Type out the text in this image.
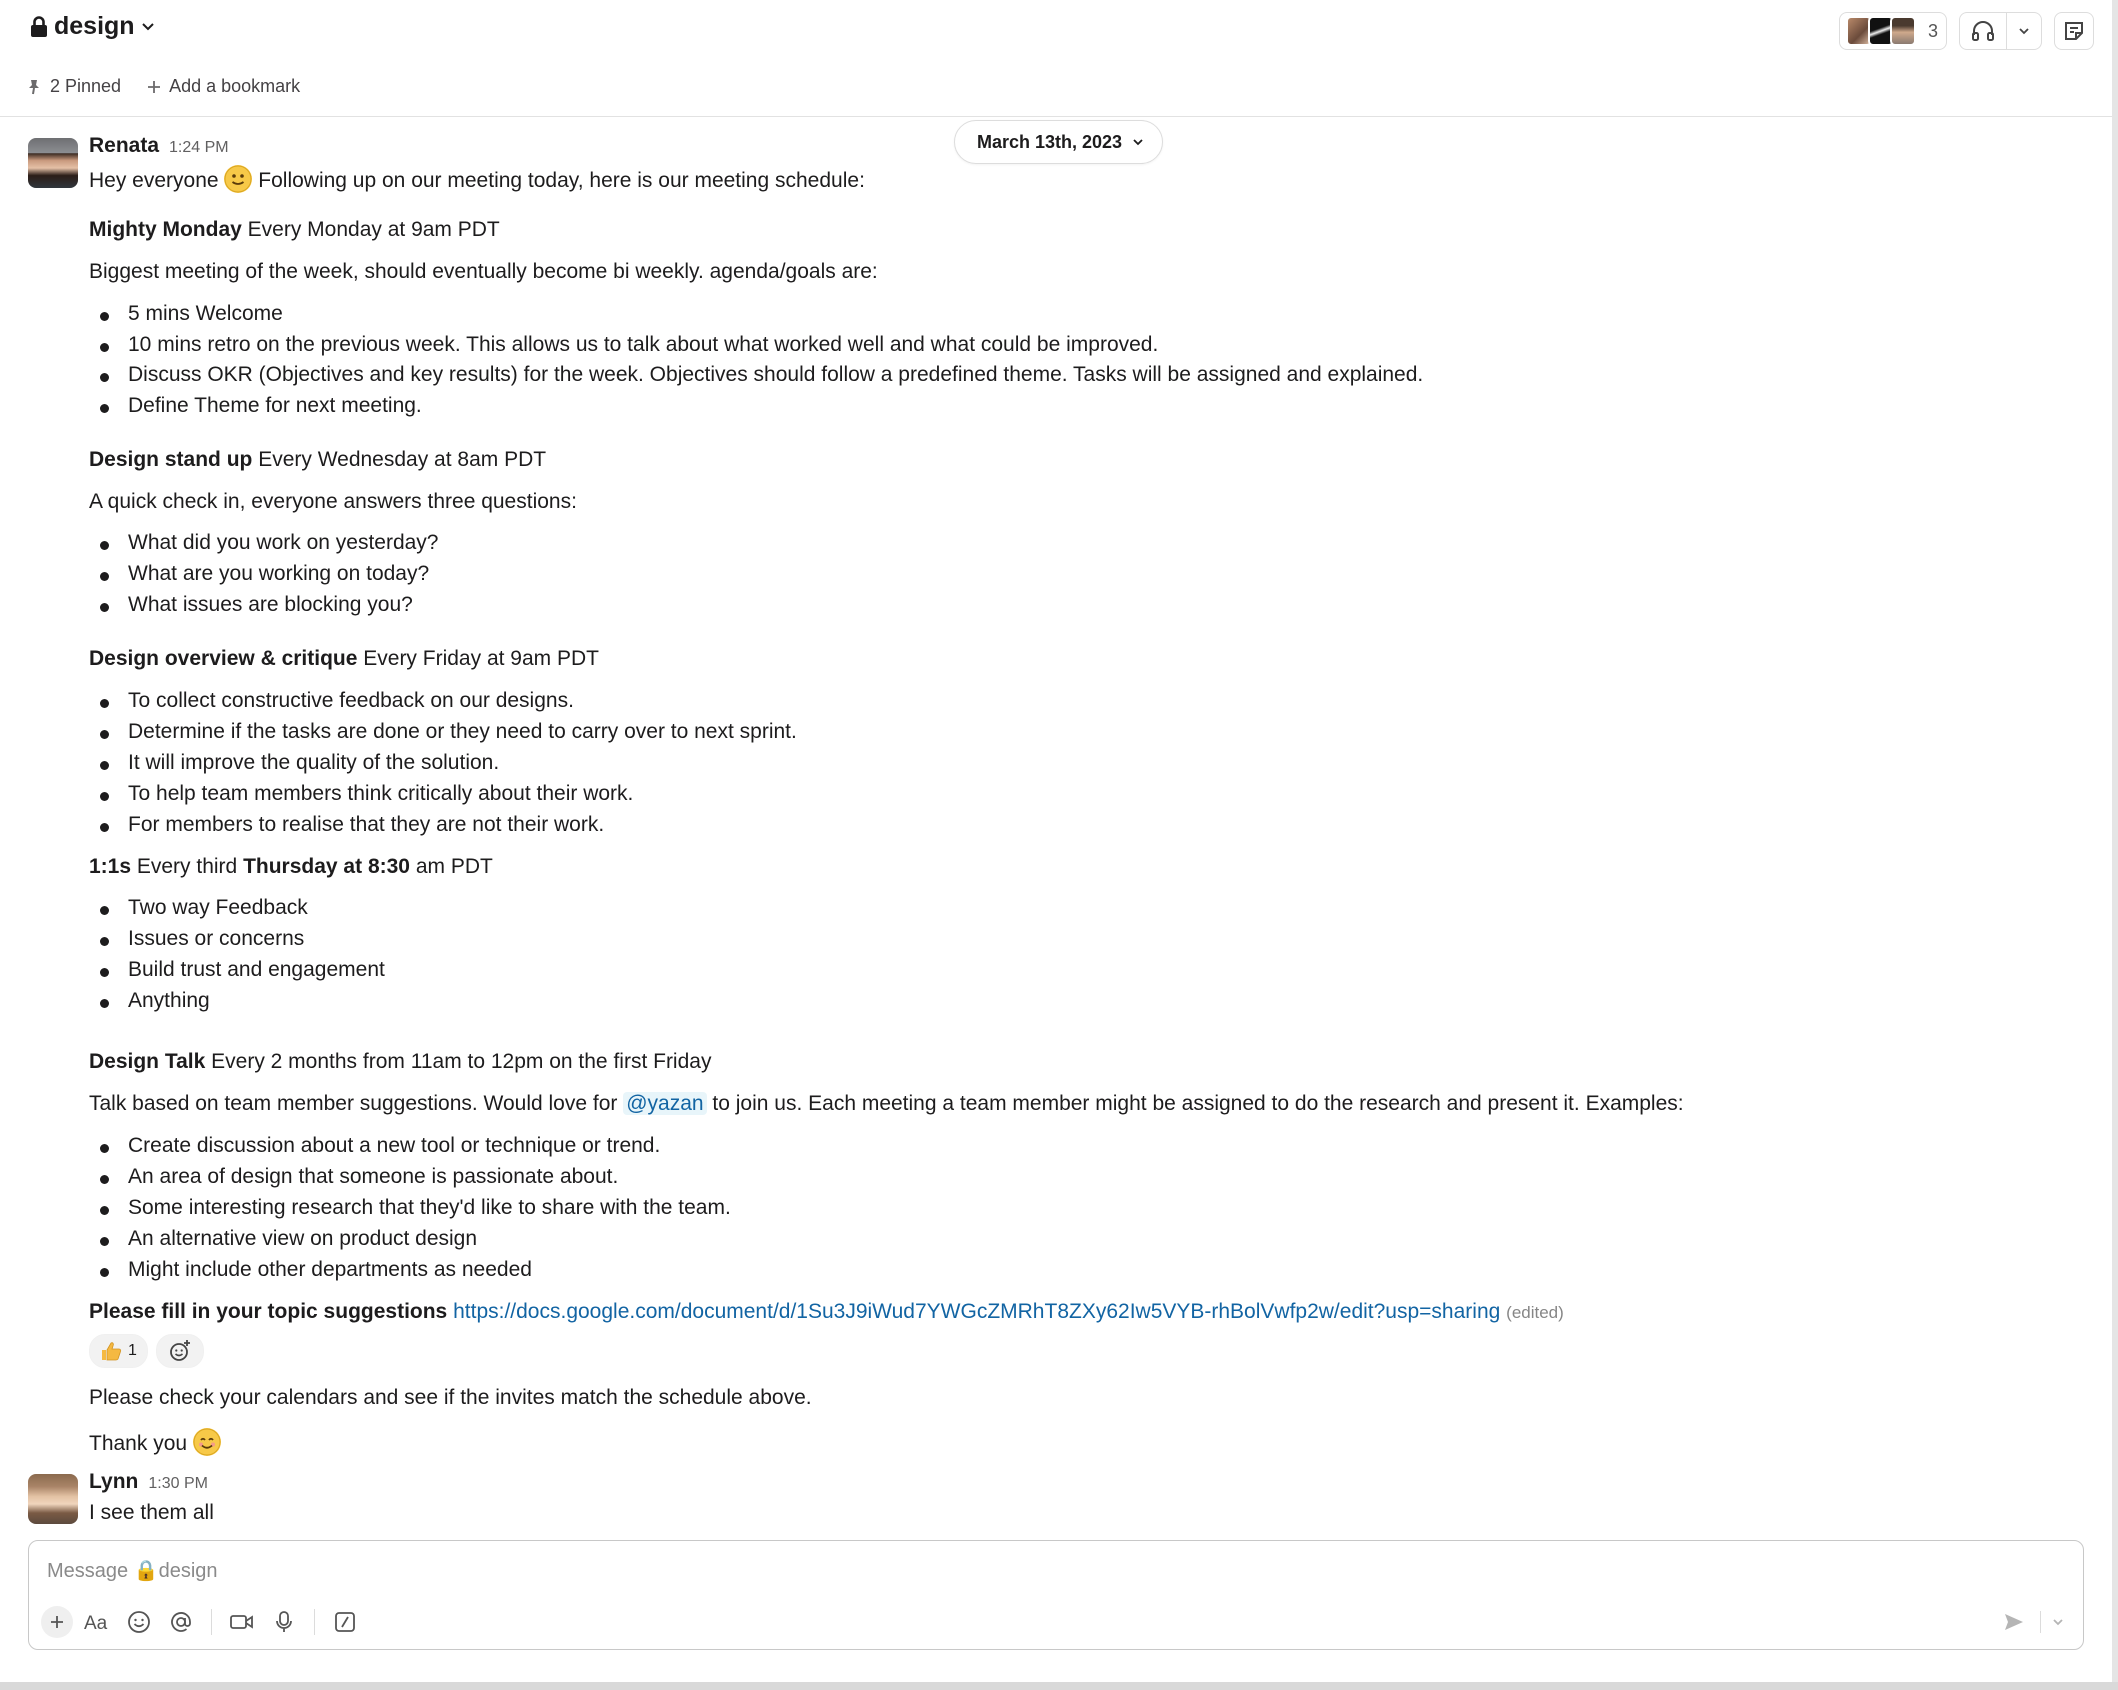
design	3
2 Pinned	Add a bookmark
March 13th, 2023
Renata 1:24 PM
Hey everyone Following up on our meeting today, here is our meeting schedule:
Mighty Monday Every Monday at 9am PDT
Biggest meeting of the week, should eventually become bi weekly. agenda/goals are:
5 mins Welcome
10 mins retro on the previous week. This allows us to talk about what worked well and what could be improved.
Discuss OKR (Objectives and key results) for the week. Objectives should follow a predefined theme. Tasks will be assigned and explained.
Define Theme for next meeting.
Design stand up Every Wednesday at 8am PDT
A quick check in, everyone answers three questions:
What did you work on yesterday?
What are you working on today?
What issues are blocking you?
Design overview & critique Every Friday at 9am PDT
To collect constructive feedback on our designs.
Determine if the tasks are done or they need to carry over to next sprint.
It will improve the quality of the solution.
To help team members think critically about their work.
For members to realise that they are not their work.
1:1s Every third Thursday at 8:30 am PDT
Two way Feedback
Issues or concerns
Build trust and engagement
Anything
Design Talk Every 2 months from 11am to 12pm on the first Friday
Talk based on team member suggestions. Would love for @yazan to join us. Each meeting a team member might be assigned to do the research and present it. Examples:
Create discussion about a new tool or technique or trend.
An area of design that someone is passionate about.
Some interesting research that they'd like to share with the team.
An alternative view on product design
Might include other departments as needed
Please fill in your topic suggestions https://docs.google.com/document/d/1Su3J9iWud7YWGcZMRhT8ZXy62Iw5VYB-rhBolVwfp2w/edit?usp=sharing (edited)
1
Please check your calendars and see if the invites match the schedule above.
Thank you
Lynn 1:30 PM
I see them all
Message 🔒design
Aa
